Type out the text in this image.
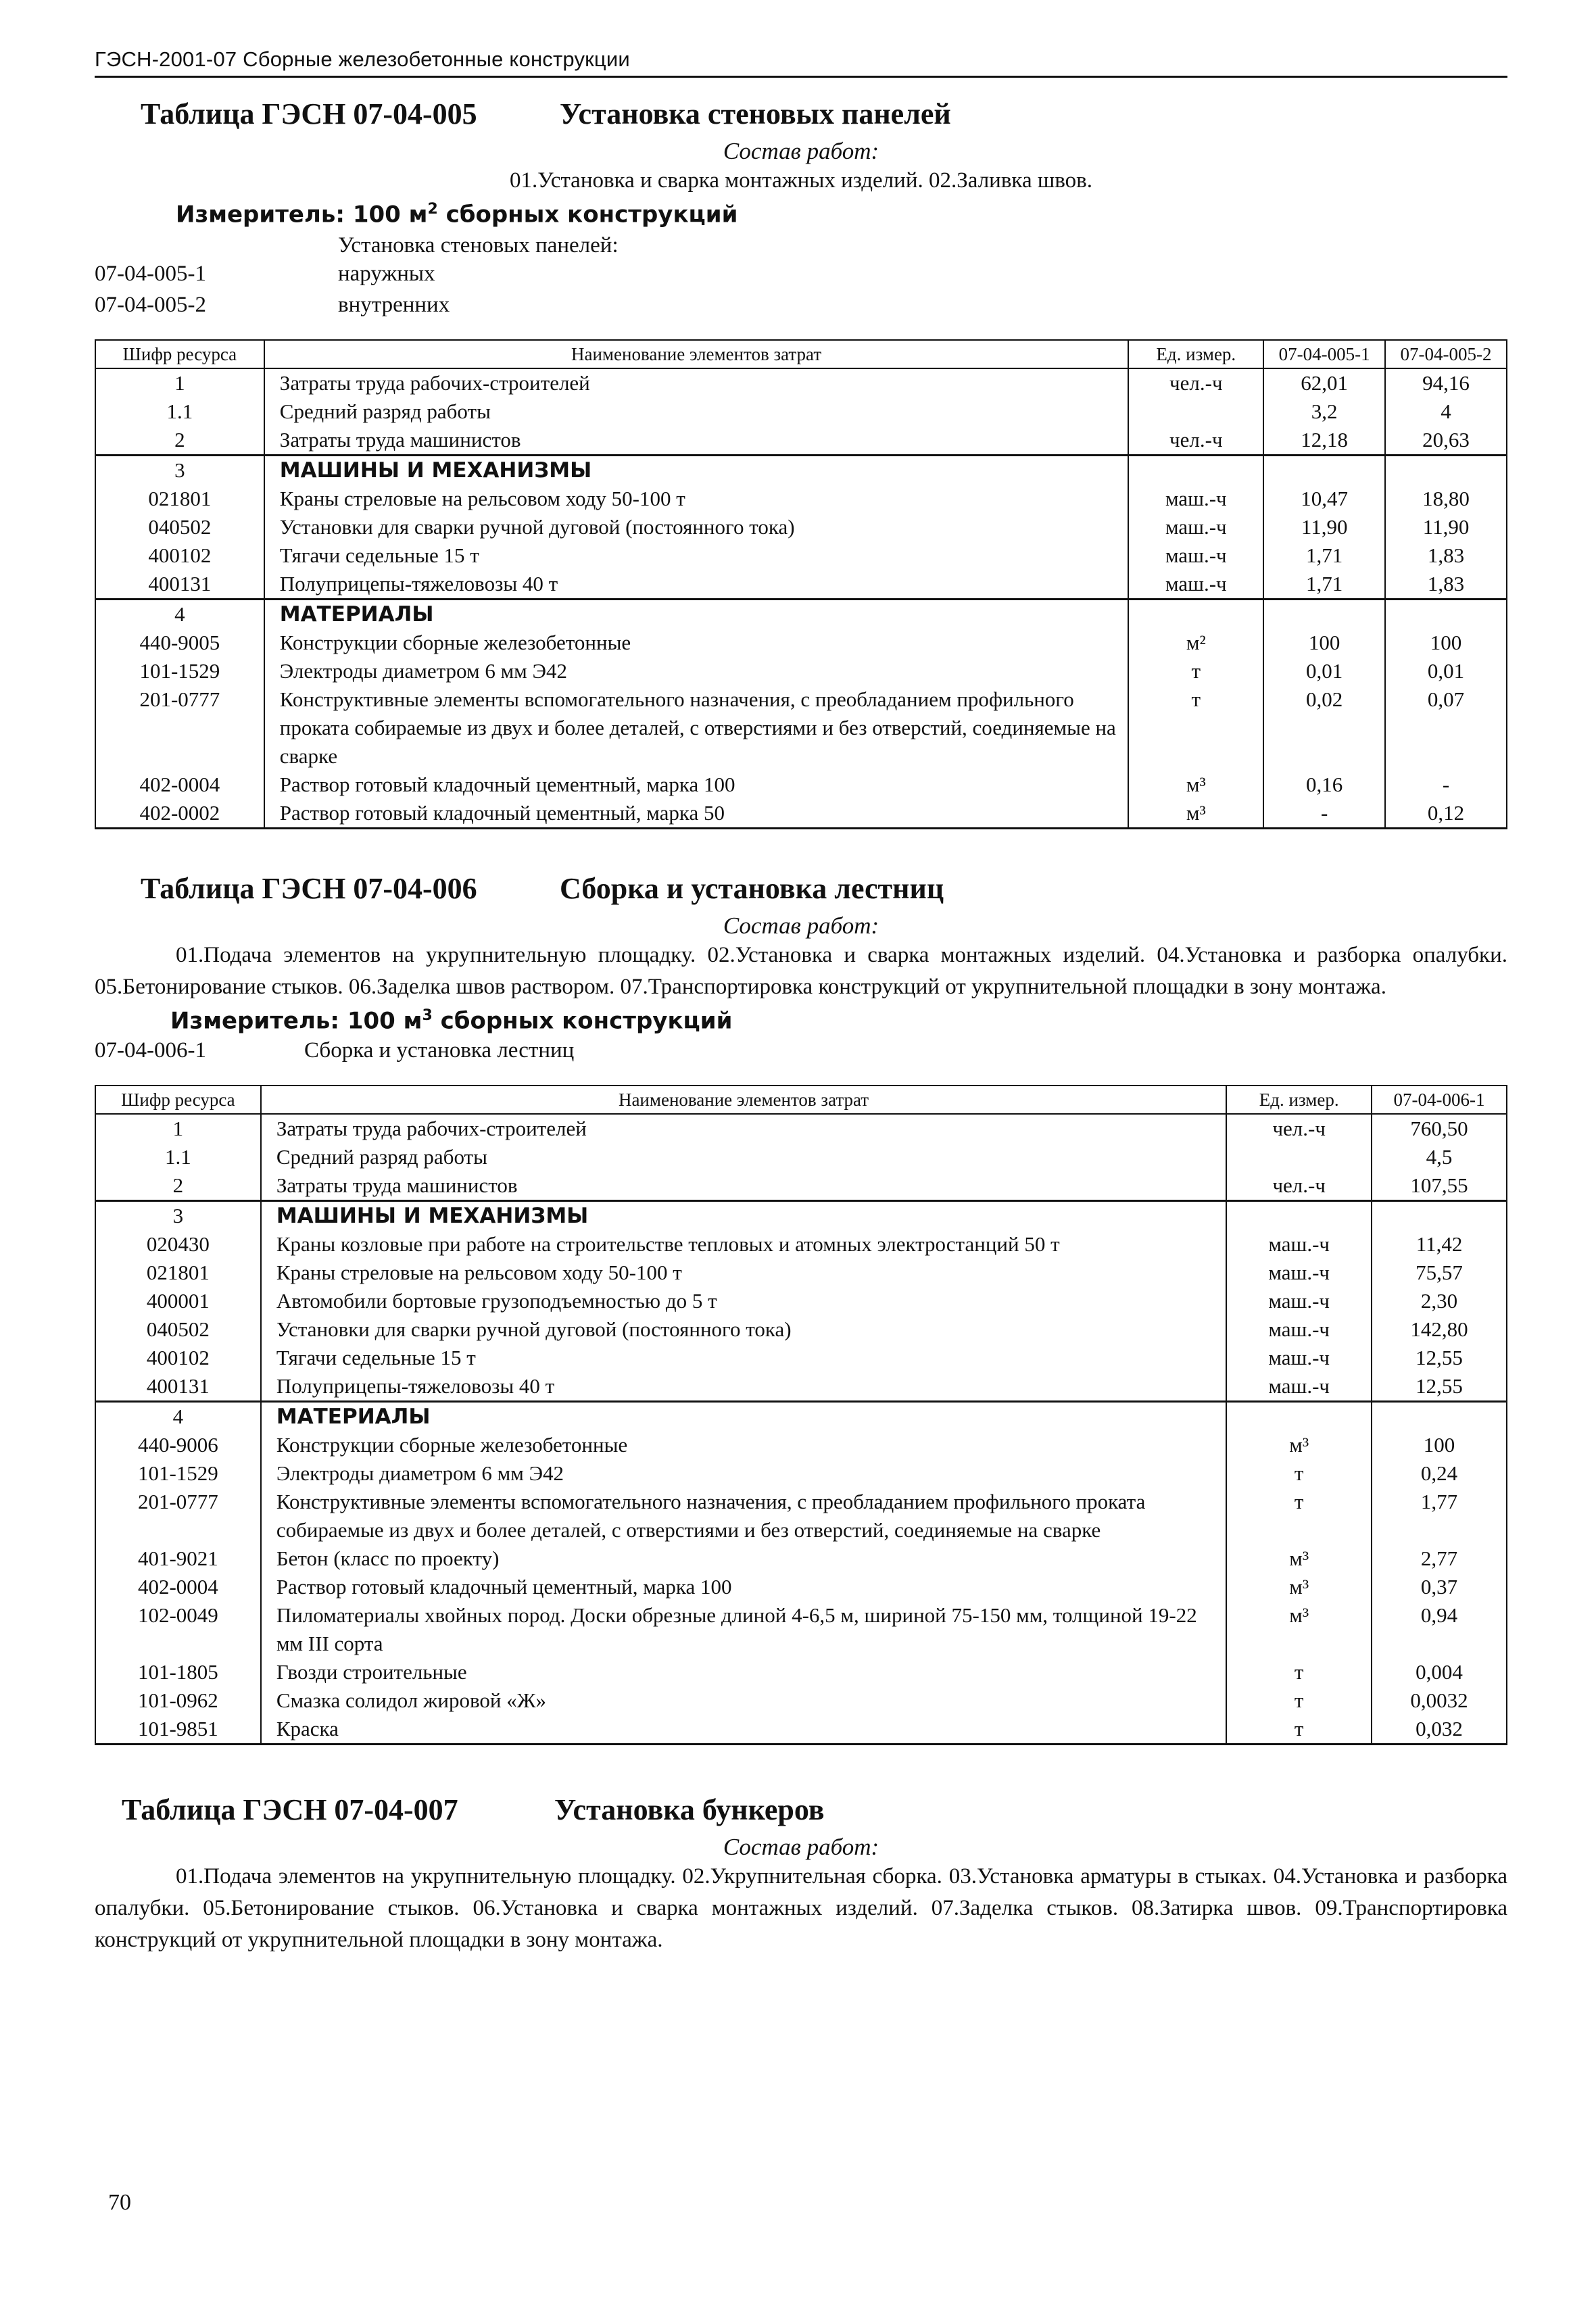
ГЭСН-2001-07 Сборные железобетонные конструкции
Таблица ГЭСН 07-04-005	Установка стеновых панелей
Состав работ:
01.Установка и сварка монтажных изделий. 02.Заливка швов.
Измеритель: 100 $м^2$ сборных конструкций
Установка стеновых панелей:
07-04-005-1	наружных
07-04-005-2	внутренних
Шифр ресурса	Наименование элементов затрат	Ед. измер.	07-04-005-1	07-04-005-2
1	Затраты труда рабочих-строителей	чел.-ч	62,01	94,16
1.1	Средний разряд работы		3,2	4
2	Затраты труда машинистов	чел.-ч	12,18	20,63
3	МАШИНЫ И МЕХАНИЗМЫ			
021801	Краны стреловые на рельсовом ходу 50-100 т	маш.-ч	10,47	18,80
040502	Установки для сварки ручной дуговой (постоянного тока)	маш.-ч	11,90	11,90
400102	Тягачи седельные 15 т	маш.-ч	1,71	1,83
400131	Полуприцепы-тяжеловозы 40 т	маш.-ч	1,71	1,83
4	МАТЕРИАЛЫ			
440-9005	Конструкции сборные железобетонные	м²	100	100
101-1529	Электроды диаметром 6 мм Э42	т	0,01	0,01
201-0777	Конструктивные элементы вспомогательного назначения, с преобладанием профильного проката собираемые из двух и более деталей, с отверстиями и без отверстий, соединяемые на сварке	т	0,02	0,07
402-0004	Раствор готовый кладочный цементный, марка 100	м³	0,16	-
402-0002	Раствор готовый кладочный цементный, марка 50	м³	-	0,12
Таблица ГЭСН 07-04-006	Сборка и установка лестниц
Состав работ:
01.Подача элементов на укрупнительную площадку. 02.Установка и сварка монтажных изделий. 04.Установка и разборка опалубки. 05.Бетонирование стыков. 06.Заделка швов раствором. 07.Транспортировка конструкций от укрупнительной площадки в зону монтажа.
Измеритель: 100 $м^3$ сборных конструкций
07-04-006-1	Сборка и установка лестниц
Шифр ресурса	Наименование элементов затрат	Ед. измер.	07-04-006-1
1	Затраты труда рабочих-строителей	чел.-ч	760,50
1.1	Средний разряд работы		4,5
2	Затраты труда машинистов	чел.-ч	107,55
3	МАШИНЫ И МЕХАНИЗМЫ		
020430	Краны козловые при работе на строительстве тепловых и атомных электростанций 50 т	маш.-ч	11,42
021801	Краны стреловые на рельсовом ходу 50-100 т	маш.-ч	75,57
400001	Автомобили бортовые грузоподъемностью до 5 т	маш.-ч	2,30
040502	Установки для сварки ручной дуговой (постоянного тока)	маш.-ч	142,80
400102	Тягачи седельные 15 т	маш.-ч	12,55
400131	Полуприцепы-тяжеловозы 40 т	маш.-ч	12,55
4	МАТЕРИАЛЫ		
440-9006	Конструкции сборные железобетонные	м³	100
101-1529	Электроды диаметром 6 мм Э42	т	0,24
201-0777	Конструктивные элементы вспомогательного назначения, с преобладанием профильного проката собираемые из двух и более деталей, с отверстиями и без отверстий, соединяемые на сварке	т	1,77
401-9021	Бетон (класс по проекту)	м³	2,77
402-0004	Раствор готовый кладочный цементный, марка 100	м³	0,37
102-0049	Пиломатериалы хвойных пород. Доски обрезные длиной 4-6,5 м, шириной 75-150 мм, толщиной 19-22 мм III сорта	м³	0,94
101-1805	Гвозди строительные	т	0,004
101-0962	Смазка солидол жировой «Ж»	т	0,0032
101-9851	Краска	т	0,032
Таблица ГЭСН 07-04-007	Установка бункеров
Состав работ:
01.Подача элементов на укрупнительную площадку. 02.Укрупнительная сборка. 03.Установка арматуры в стыках. 04.Установка и разборка опалубки. 05.Бетонирование стыков. 06.Установка и сварка монтажных изделий. 07.Заделка стыков. 08.Затирка швов. 09.Транспортировка конструкций от укрупнительной площадки в зону монтажа.
70
